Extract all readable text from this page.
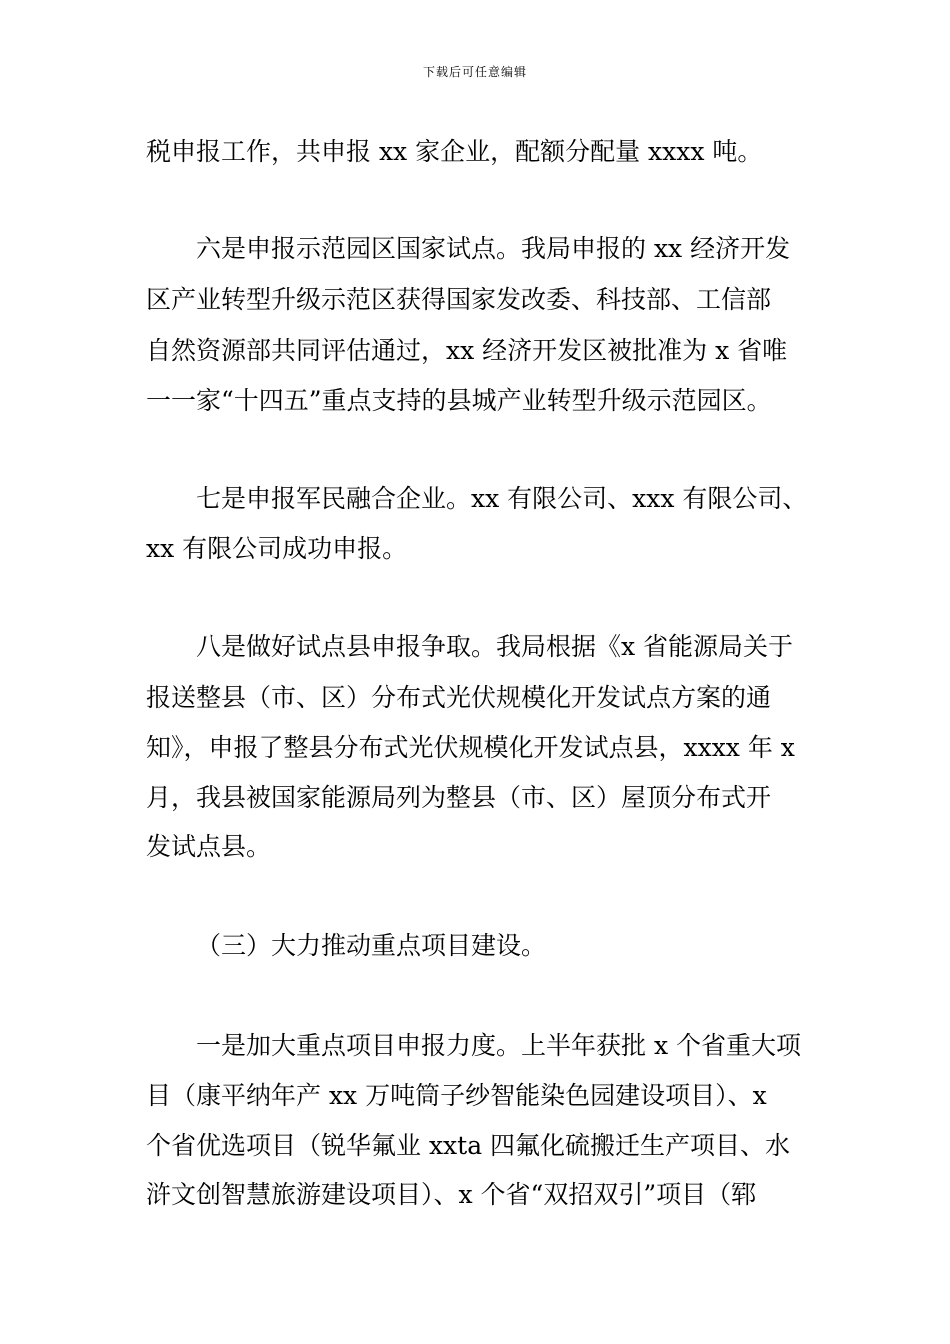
下载后可任意编辑
税申报工作，共申报 xx 家企业，配额分配量 xxxx 吨。
六是申报示范园区国家试点。我局申报的 xx 经济开发
区产业转型升级示范区获得国家发改委、科技部、工信部
自然资源部共同评估通过，xx 经济开发区被批准为 x 省唯
一一家“十四五”重点支持的县城产业转型升级示范园区。
七是申报军民融合企业。xx 有限公司、xxx 有限公司、
xx 有限公司成功申报。
八是做好试点县申报争取。我局根据《x 省能源局关于
报送整县（市、区）分布式光伏规模化开发试点方案的通
知》，申报了整县分布式光伏规模化开发试点县，xxxx 年 x
月，我县被国家能源局列为整县（市、区）屋顶分布式开
发试点县。
（三）大力推动重点项目建设。
一是加大重点项目申报力度。上半年获批 x 个省重大项
目（康平纳年产 xx 万吨筒子纱智能染色园建设项目）、x
个省优选项目（锐华氟业 xxta 四氟化硫搬迁生产项目、水
浒文创智慧旅游建设项目）、x 个省“双招双引”项目（郓
